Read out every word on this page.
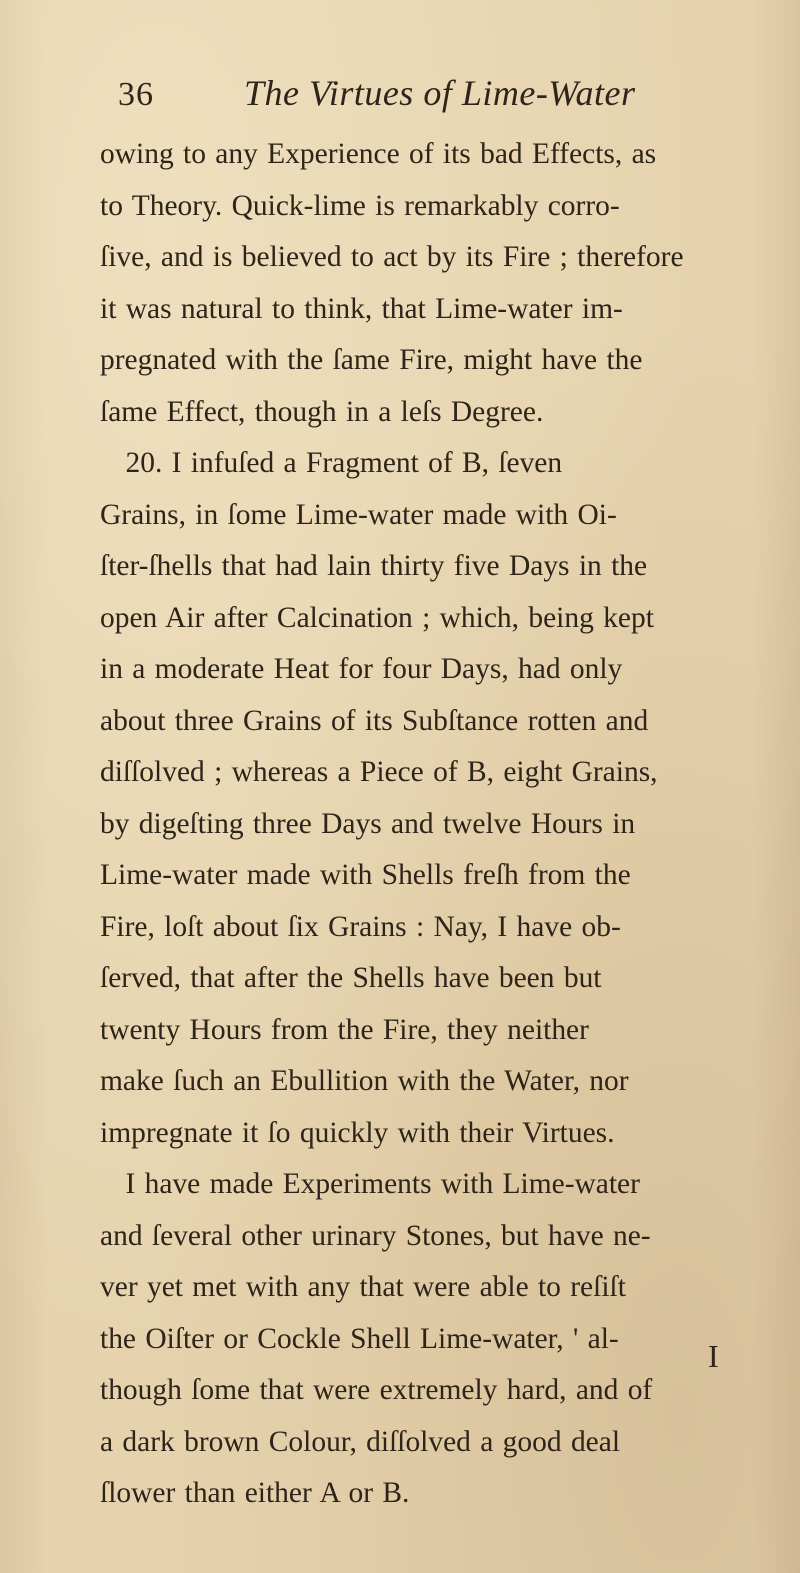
36	The Virtues of Lime-Water
owing to any Experience of its bad Effects, as
to Theory. Quick-lime is remarkably corro-
ſive, and is believed to act by its Fire ; therefore
it was natural to think, that Lime-water im-
pregnated with the ſame Fire, might have the
ſame Effect, though in a leſs Degree.
20. I infuſed a Fragment of B, ſeven
Grains, in ſome Lime-water made with Oi-
ſter-ſhells that had lain thirty five Days in the
open Air after Calcination ; which, being kept
in a moderate Heat for four Days, had only
about three Grains of its Subſtance rotten and
diſſolved ; whereas a Piece of B, eight Grains,
by digeſting three Days and twelve Hours in
Lime-water made with Shells freſh from the
Fire, loſt about ſix Grains : Nay, I have ob-
ſerved, that after the Shells have been but
twenty Hours from the Fire, they neither
make ſuch an Ebullition with the Water, nor
impregnate it ſo quickly with their Virtues.
I have made Experiments with Lime-water
and ſeveral other urinary Stones, but have ne-
ver yet met with any that were able to reſiſt
the Oiſter or Cockle Shell Lime-water, ' al-
though ſome that were extremely hard, and of
a dark brown Colour, diſſolved a good deal
ſlower than either A or B.
I
